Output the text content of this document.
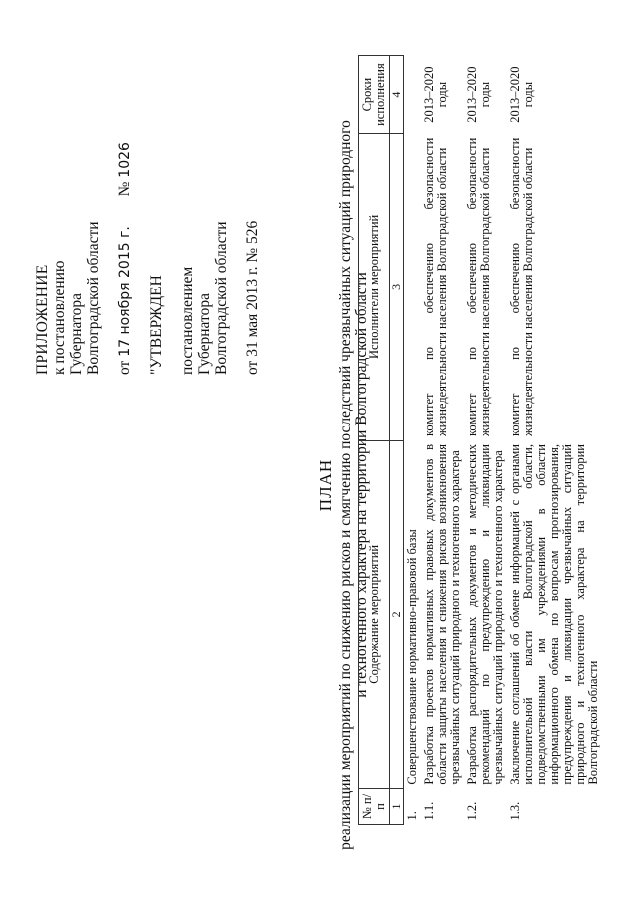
ПРИЛОЖЕНИЕ к постановлению Губернатора Волгоградской области от 17 ноября 2015 г.  № 1026
"УТВЕРЖДЕН постановлением Губернатора Волгоградской области от 31 мая 2013 г. № 526
ПЛАН реализации мероприятий по снижению рисков и смягчению последствий чрезвычайных ситуаций природного и техногенного характера на территории Волгоградской области
№ п/п	Содержание мероприятий	Исполнители мероприятий	Сроки исполнения
1	2	3	4
1.	Совершенствование нормативно-правовой базы		
1.1.	Разработка проектов нормативных правовых документов в области защиты населения и снижения рисков возникновения чрезвычайных ситуаций природного и техногенного характера	комитет по обеспечению безопасности жизнедеятельности населения Волгоградской области	2013–2020 годы
1.2.	Разработка распорядительных документов и методических рекомендаций по предупреждению и ликвидации чрезвычайных ситуаций природного и техногенного характера	комитет по обеспечению безопасности жизнедеятельности населения Волгоградской области	2013–2020 годы
1.3.	Заключение соглашений об обмене информацией с органами исполнительной власти Волгоградской области, подведомственными им учреждениями в области информационного обмена по вопросам прогнозирования, предупреждения и ликвидации чрезвычайных ситуаций природного и техногенного характера на территории Волгоградской области	комитет по обеспечению безопасности жизнедеятельности населения Волгоградской области	2013–2020 годы
